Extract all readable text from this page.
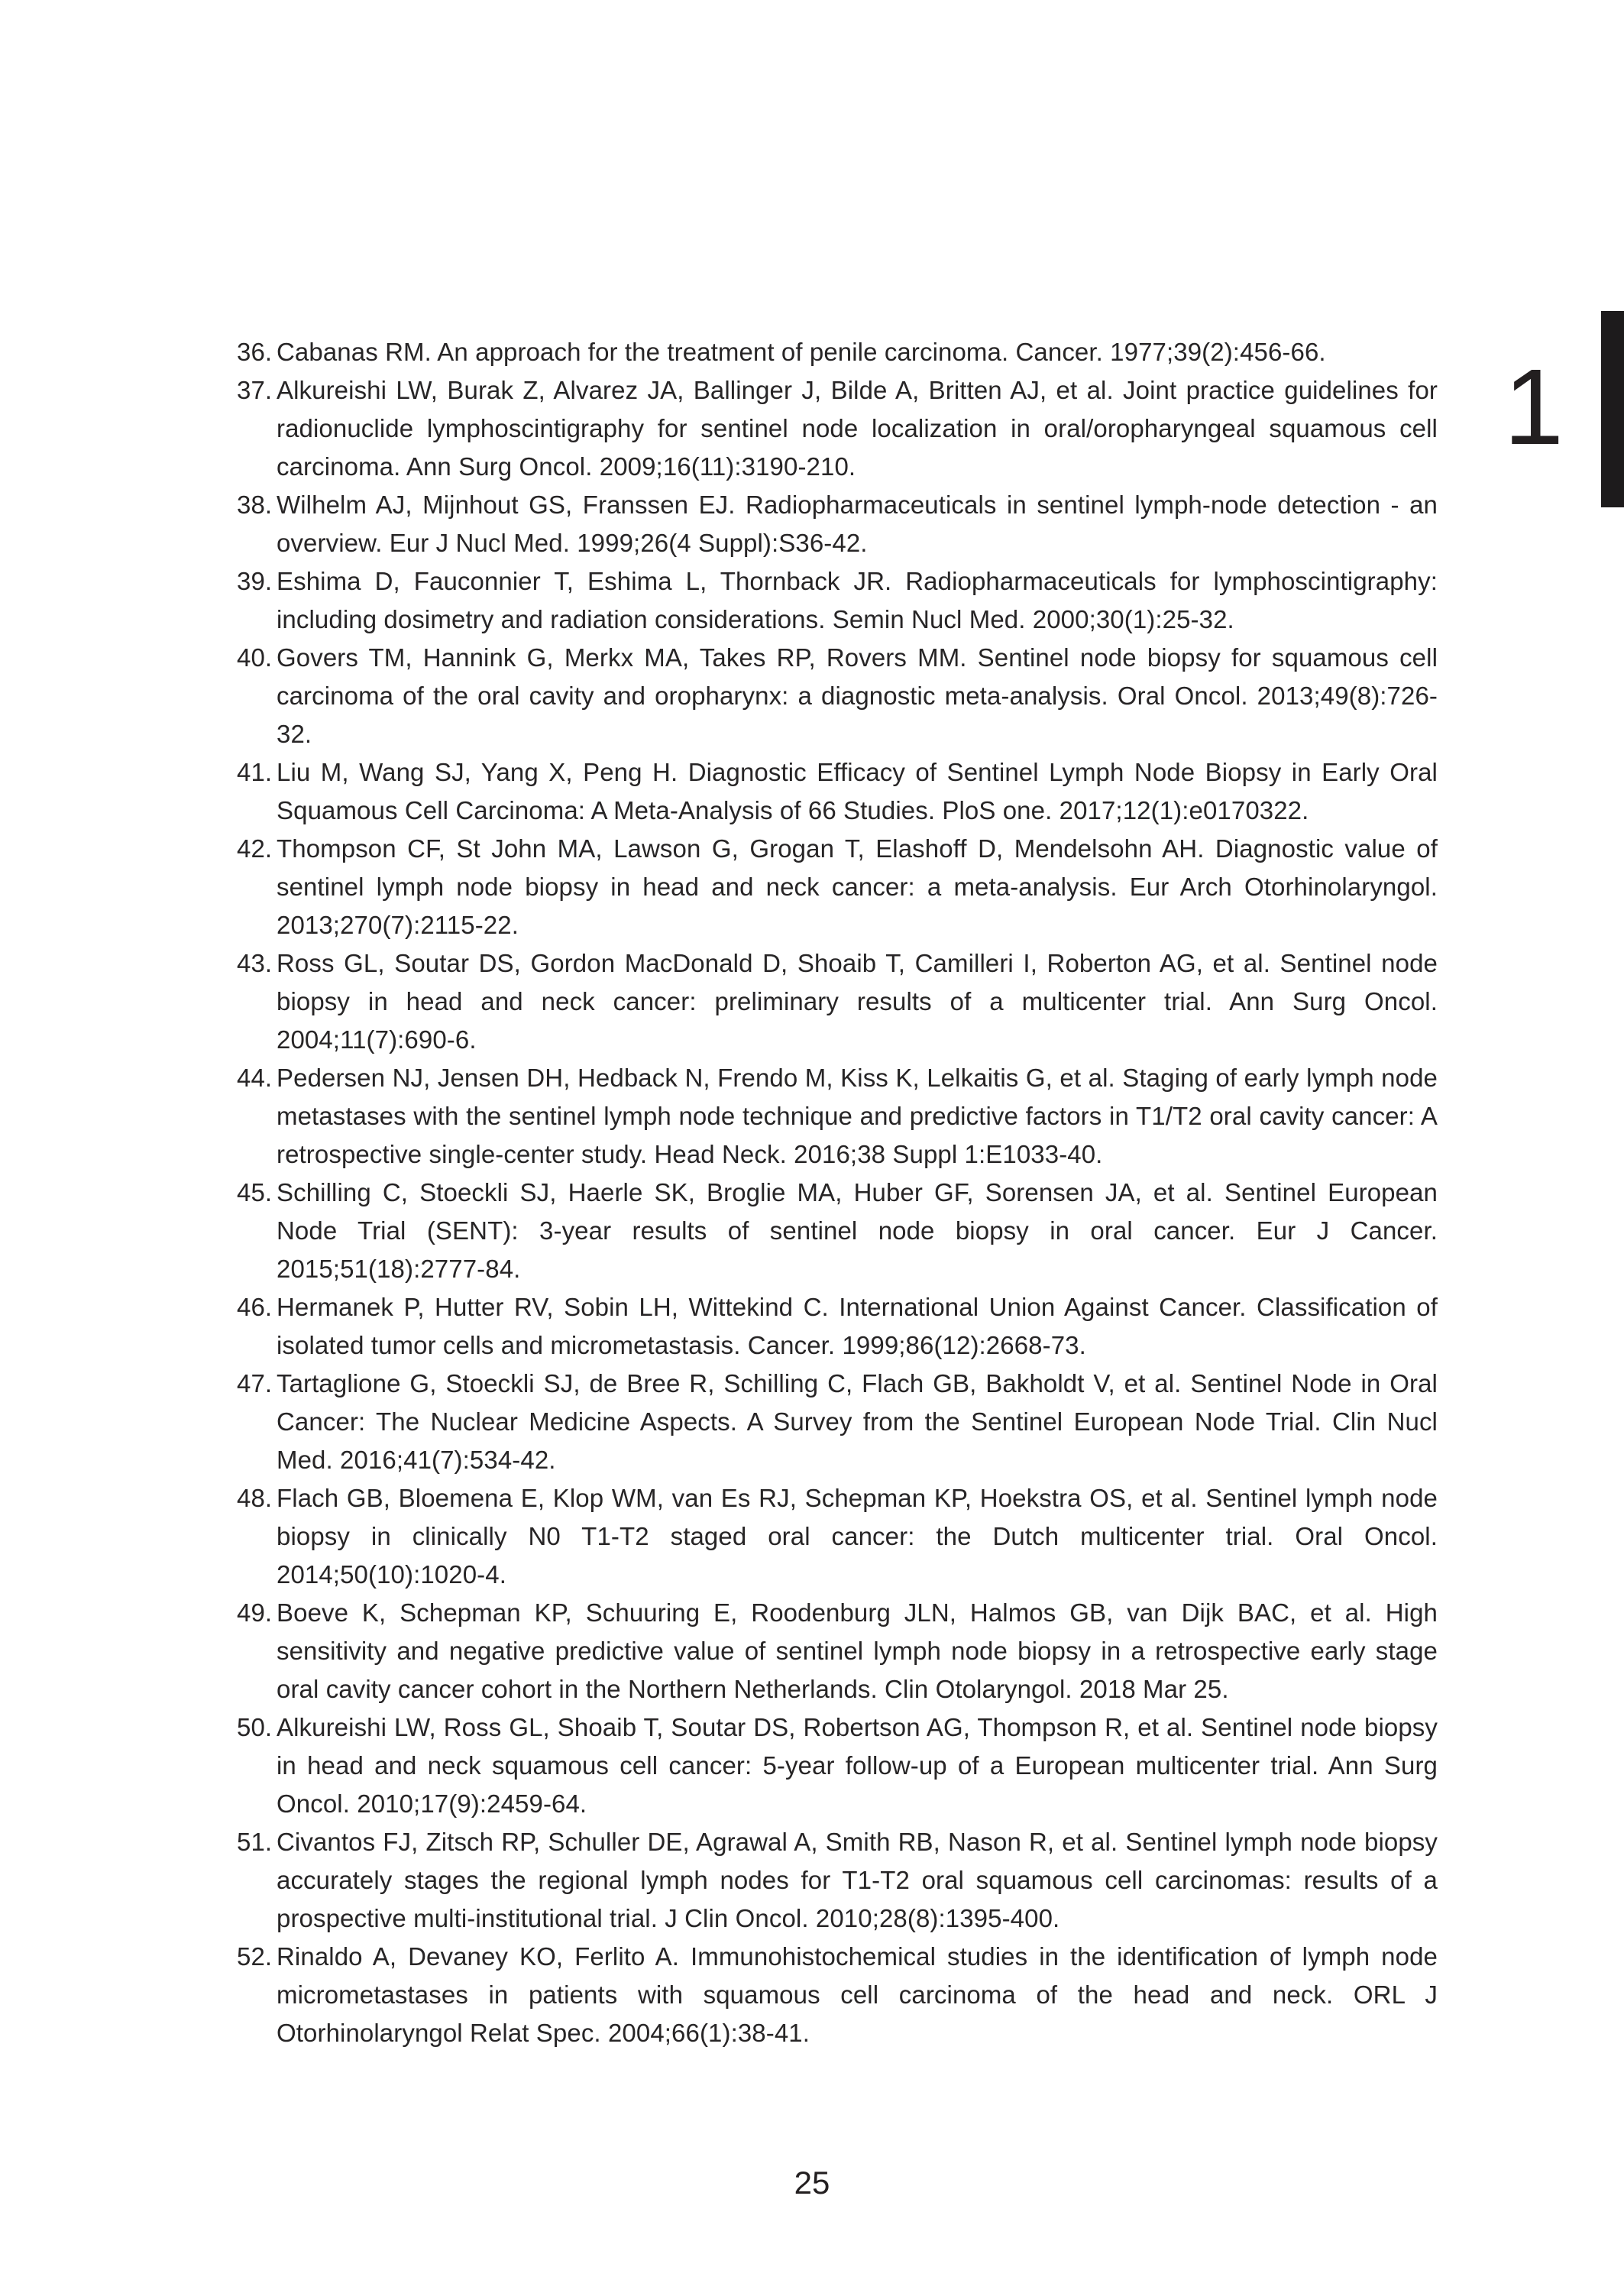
1
36. Cabanas RM. An approach for the treatment of penile carcinoma. Cancer. 1977;39(2):456-66.
37. Alkureishi LW, Burak Z, Alvarez JA, Ballinger J, Bilde A, Britten AJ, et al. Joint practice guidelines for radionuclide lymphoscintigraphy for sentinel node localization in oral/oropharyngeal squamous cell carcinoma. Ann Surg Oncol. 2009;16(11):3190-210.
38. Wilhelm AJ, Mijnhout GS, Franssen EJ. Radiopharmaceuticals in sentinel lymph-node detection - an overview. Eur J Nucl Med. 1999;26(4 Suppl):S36-42.
39. Eshima D, Fauconnier T, Eshima L, Thornback JR. Radiopharmaceuticals for lymphoscintigraphy: including dosimetry and radiation considerations. Semin Nucl Med. 2000;30(1):25-32.
40. Govers TM, Hannink G, Merkx MA, Takes RP, Rovers MM. Sentinel node biopsy for squamous cell carcinoma of the oral cavity and oropharynx: a diagnostic meta-analysis. Oral Oncol. 2013;49(8):726-32.
41. Liu M, Wang SJ, Yang X, Peng H. Diagnostic Efficacy of Sentinel Lymph Node Biopsy in Early Oral Squamous Cell Carcinoma: A Meta-Analysis of 66 Studies. PloS one. 2017;12(1):e0170322.
42. Thompson CF, St John MA, Lawson G, Grogan T, Elashoff D, Mendelsohn AH. Diagnostic value of sentinel lymph node biopsy in head and neck cancer: a meta-analysis. Eur Arch Otorhinolaryngol. 2013;270(7):2115-22.
43. Ross GL, Soutar DS, Gordon MacDonald D, Shoaib T, Camilleri I, Roberton AG, et al. Sentinel node biopsy in head and neck cancer: preliminary results of a multicenter trial. Ann Surg Oncol. 2004;11(7):690-6.
44. Pedersen NJ, Jensen DH, Hedback N, Frendo M, Kiss K, Lelkaitis G, et al. Staging of early lymph node metastases with the sentinel lymph node technique and predictive factors in T1/T2 oral cavity cancer: A retrospective single-center study. Head Neck. 2016;38 Suppl 1:E1033-40.
45. Schilling C, Stoeckli SJ, Haerle SK, Broglie MA, Huber GF, Sorensen JA, et al. Sentinel European Node Trial (SENT): 3-year results of sentinel node biopsy in oral cancer. Eur J Cancer. 2015;51(18):2777-84.
46. Hermanek P, Hutter RV, Sobin LH, Wittekind C. International Union Against Cancer. Classification of isolated tumor cells and micrometastasis. Cancer. 1999;86(12):2668-73.
47. Tartaglione G, Stoeckli SJ, de Bree R, Schilling C, Flach GB, Bakholdt V, et al. Sentinel Node in Oral Cancer: The Nuclear Medicine Aspects. A Survey from the Sentinel European Node Trial. Clin Nucl Med. 2016;41(7):534-42.
48. Flach GB, Bloemena E, Klop WM, van Es RJ, Schepman KP, Hoekstra OS, et al. Sentinel lymph node biopsy in clinically N0 T1-T2 staged oral cancer: the Dutch multicenter trial. Oral Oncol. 2014;50(10):1020-4.
49. Boeve K, Schepman KP, Schuuring E, Roodenburg JLN, Halmos GB, van Dijk BAC, et al. High sensitivity and negative predictive value of sentinel lymph node biopsy in a retrospective early stage oral cavity cancer cohort in the Northern Netherlands. Clin Otolaryngol. 2018 Mar 25.
50. Alkureishi LW, Ross GL, Shoaib T, Soutar DS, Robertson AG, Thompson R, et al. Sentinel node biopsy in head and neck squamous cell cancer: 5-year follow-up of a European multicenter trial. Ann Surg Oncol. 2010;17(9):2459-64.
51. Civantos FJ, Zitsch RP, Schuller DE, Agrawal A, Smith RB, Nason R, et al. Sentinel lymph node biopsy accurately stages the regional lymph nodes for T1-T2 oral squamous cell carcinomas: results of a prospective multi-institutional trial. J Clin Oncol. 2010;28(8):1395-400.
52. Rinaldo A, Devaney KO, Ferlito A. Immunohistochemical studies in the identification of lymph node micrometastases in patients with squamous cell carcinoma of the head and neck. ORL J Otorhinolaryngol Relat Spec. 2004;66(1):38-41.
25
